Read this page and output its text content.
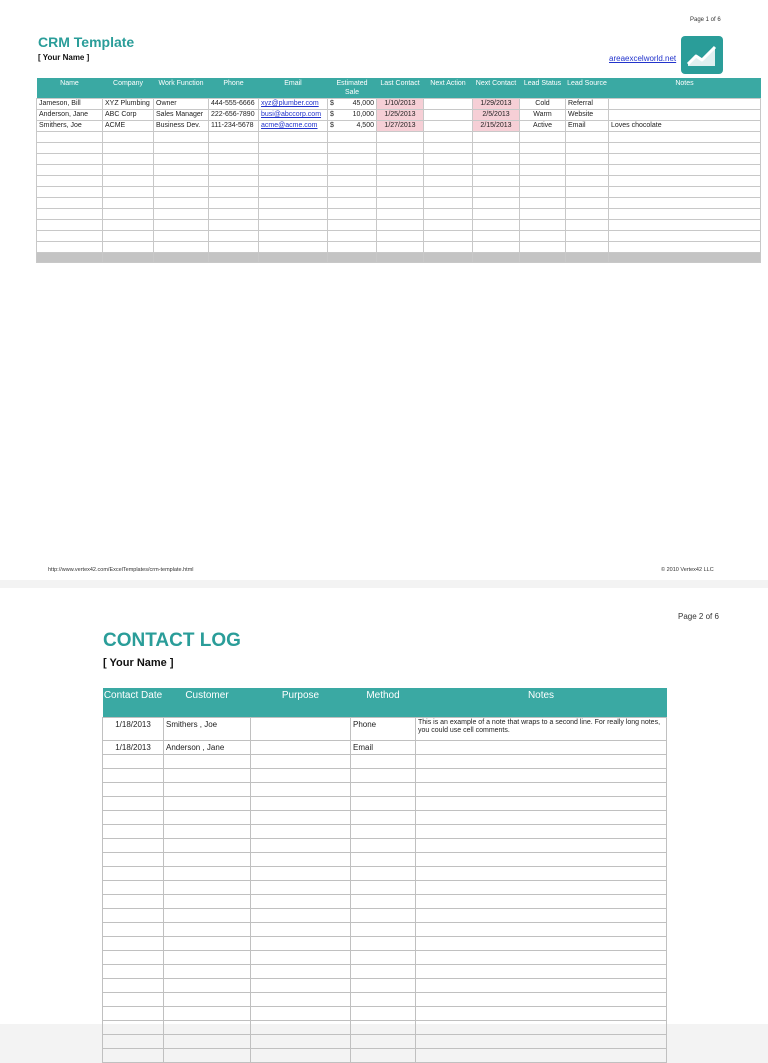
Page 1 of 6
CRM Template
[ Your Name ]	areaexcelworld.net
Name	Company	Work Function	Phone	Email	Estimated Sale	Last Contact	Next Action	Next Contact	Lead Status	Lead Source	Notes
Jameson, Bill	XYZ Plumbing	Owner	444-555-6666	xyz@plumber.com	$ 45,000	1/10/2013		1/29/2013	Cold	Referral	
Anderson, Jane	ABC Corp	Sales Manager	222-656-7890	busi@abccorp.com	$ 10,000	1/25/2013		2/5/2013	Warm	Website	
Smithers, Joe	ACME	Business Dev.	111-234-5678	acme@acme.com	$ 4,500	1/27/2013		2/15/2013	Active	Email	Loves chocolate

http://www.vertex42.com/ExcelTemplates/crm-template.html	© 2010 Vertex42 LLC
Page 2 of 6
CONTACT LOG
[ Your Name ]
Contact Date	Customer	Purpose	Method	Notes
1/18/2013	Smithers , Joe		Phone	This is an example of a note that wraps to a second line. For really long notes, you could use cell comments.
1/18/2013	Anderson , Jane		Email	
